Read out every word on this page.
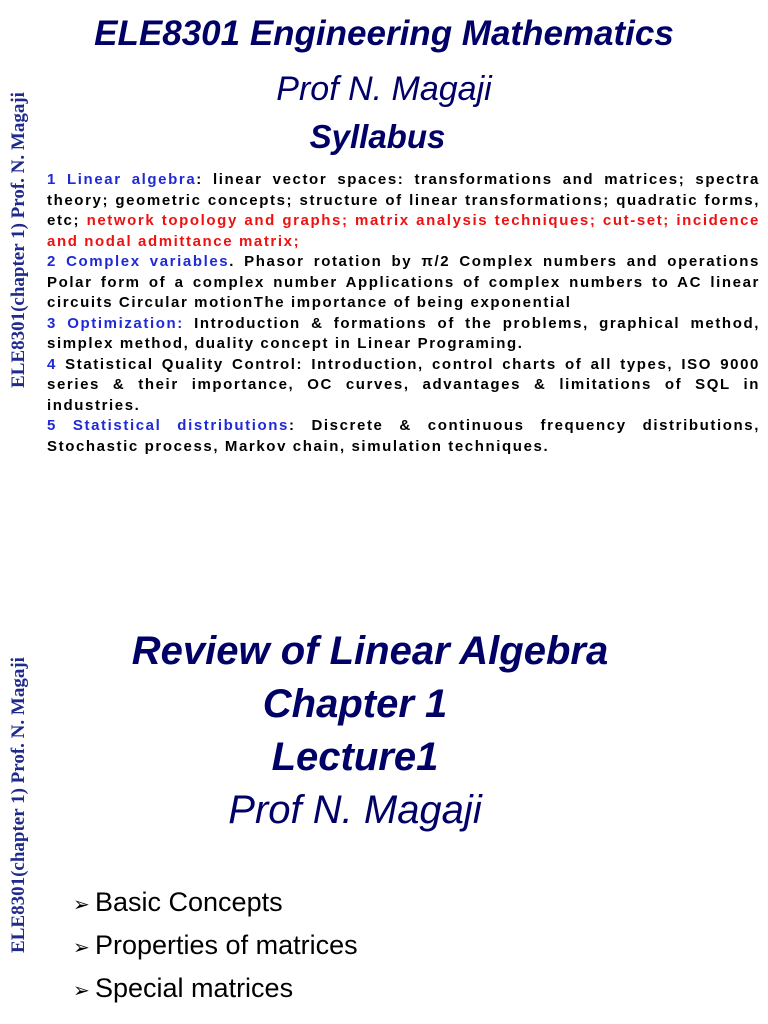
ELE8301(chapter 1) Prof. N. Magaji
ELE8301 Engineering Mathematics
Prof N. Magaji
Syllabus

1 Linear algebra: linear vector spaces: transformations and matrices; spectra theory; geometric concepts; structure of linear transformations; quadratic forms, etc; network topology and graphs; matrix analysis techniques; cut-set; incidence and nodal admittance matrix;

2 Complex variables. Phasor rotation by π/2 Complex numbers and operations Polar form of a complex number Applications of complex numbers to AC linear circuits Circular motionThe importance of being exponential

3 Optimization: Introduction & formations of the problems, graphical method, simplex method, duality concept in Linear Programing.

4 Statistical Quality Control: Introduction, control charts of all types, ISO 9000 series & their importance, OC curves, advantages & limitations of SQL in industries.

5 Statistical distributions: Discrete & continuous frequency distributions, Stochastic process, Markov chain, simulation techniques.

ELE8301(chapter 1) Prof. N. Magaji
Review of Linear Algebra
Chapter 1
Lecture1
Prof N. Magaji
➢ Basic Concepts
➢ Properties of matrices
➢ Special matrices
